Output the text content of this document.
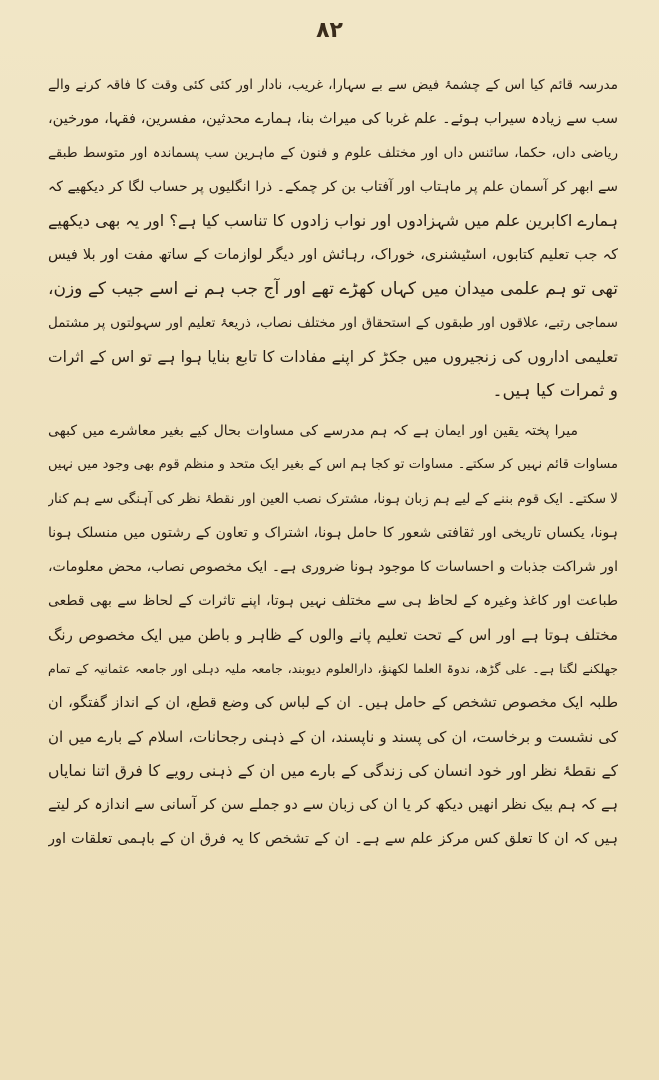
۸۲
مدرسہ قائم کیا اس کے چشمۂ فیض سے بے سہارا، غریب، نادار اور کئی کئی وقت کا فاقہ کرنے والے
سب سے زیادہ سیراب ہوئے۔ علم غربا کی میراث بنا، ہمارے محدثین، مفسرین، فقہا، مورخین،
ریاضی داں، حکما، سائنس داں اور مختلف علوم و فنون کے ماہرین سب پسماندہ اور متوسط طبقے
سے ابھر کر آسمان علم پر ماہتاب اور آفتاب بن کر چمکے۔ ذرا انگلیوں پر حساب لگا کر دیکھیے کہ
ہمارے اکابرین علم میں شہزادوں اور نواب زادوں کا تناسب کیا ہے؟ اور یہ بھی دیکھیے
کہ جب تعلیم کتابوں، اسٹیشنری، خوراک، رہائش اور دیگر لوازمات کے ساتھ مفت اور بلا فیس
تھی تو ہم علمی میدان میں کہاں کھڑے تھے اور آج جب ہم نے اسے جیب کے وزن،
سماجی رتبے، علاقوں اور طبقوں کے استحقاق اور مختلف نصاب، ذریعۂ تعلیم اور سہولتوں پر مشتمل
تعلیمی اداروں کی زنجیروں میں جکڑ کر اپنے مفادات کا تابع بنایا ہوا ہے تو اس کے اثرات
و ثمرات کیا ہیں۔
میرا پختہ یقین اور ایمان ہے کہ ہم مدرسے کی مساوات بحال کیے بغیر معاشرے میں کبھی
مساوات قائم نہیں کر سکتے۔ مساوات تو کجا ہم اس کے بغیر ایک متحد و منظم قوم بھی وجود میں نہیں
لا سکتے۔ ایک قوم بننے کے لیے ہم زبان ہونا، مشترک نصب العین اور نقطۂ نظر کی آہنگی سے ہم کنار
ہونا، یکساں تاریخی اور ثقافتی شعور کا حامل ہونا، اشتراک و تعاون کے رشتوں میں منسلک ہونا
اور شراکت جذبات و احساسات کا موجود ہونا ضروری ہے۔ ایک مخصوص نصاب، محض معلومات،
طباعت اور کاغذ وغیرہ کے لحاظ ہی سے مختلف نہیں ہوتا، اپنے تاثرات کے لحاظ سے بھی قطعی
مختلف ہوتا ہے اور اس کے تحت تعلیم پانے والوں کے ظاہر و باطن میں ایک مخصوص رنگ
جھلکنے لگتا ہے۔ علی گڑھ، ندوۃ العلما لکھنؤ، دارالعلوم دیوبند، جامعہ ملیہ دہلی اور جامعہ عثمانیہ کے تمام
طلبہ ایک مخصوص تشخص کے حامل ہیں۔ ان کے لباس کی وضع قطع، ان کے انداز گفتگو، ان
کی نشست و برخاست، ان کی پسند و ناپسند، ان کے ذہنی رجحانات، اسلام کے بارے میں ان
کے نقطۂ نظر اور خود انسان کی زندگی کے بارے میں ان کے ذہنی رویے کا فرق اتنا نمایاں
ہے کہ ہم بیک نظر انھیں دیکھ کر یا ان کی زبان سے دو جملے سن کر آسانی سے اندازہ کر لیتے
ہیں کہ ان کا تعلق کس مرکز علم سے ہے۔ ان کے تشخص کا یہ فرق ان کے باہمی تعلقات اور
